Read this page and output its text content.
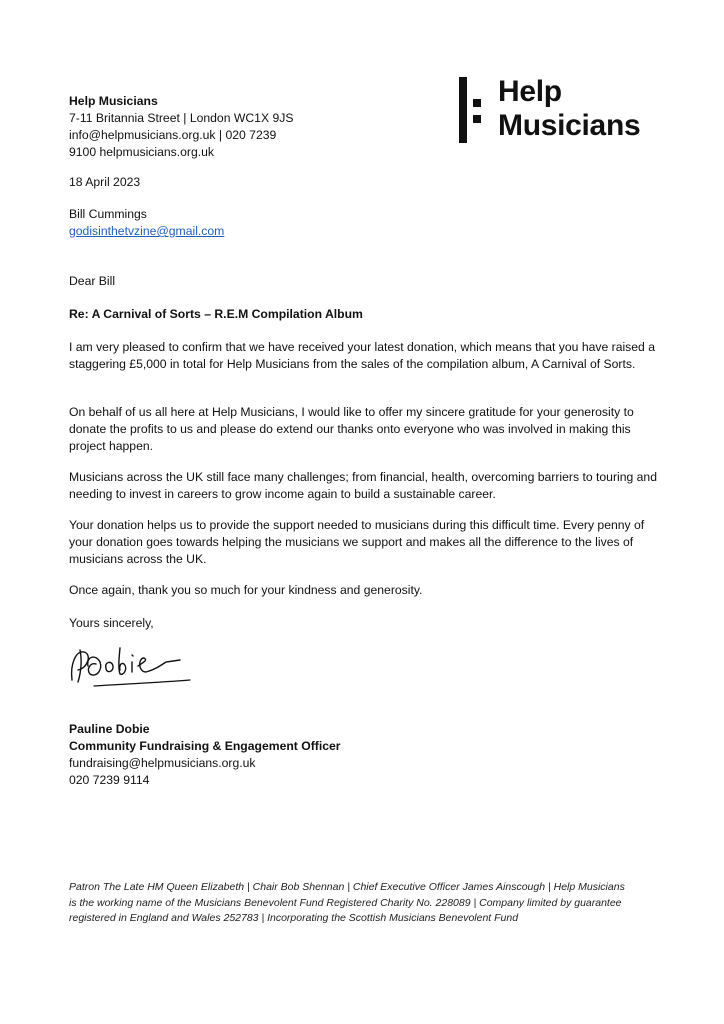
Help
Musicians
Help Musicians
7-11 Britannia Street | London WC1X 9JS
info@helpmusicians.org.uk | 020 7239
9100 helpmusicians.org.uk
18 April 2023
Bill Cummings
godisinthetvzine@gmail.com
Dear Bill
Re: A Carnival of Sorts – R.E.M Compilation Album

I am very pleased to confirm that we have received your latest donation, which means that you have raised a staggering £5,000 in total for Help Musicians from the sales of the compilation album, A Carnival of Sorts.

On behalf of us all here at Help Musicians, I would like to offer my sincere gratitude for your generosity to donate the profits to us and please do extend our thanks onto everyone who was involved in making this project happen.

Musicians across the UK still face many challenges; from financial, health, overcoming barriers to touring and needing to invest in careers to grow income again to build a sustainable career.

Your donation helps us to provide the support needed to musicians during this difficult time. Every penny of your donation goes towards helping the musicians we support and makes all the difference to the lives of musicians across the UK.

Once again, thank you so much for your kindness and generosity.

Yours sincerely,
Pauline Dobie
Community Fundraising & Engagement Officer
fundraising@helpmusicians.org.uk
020 7239 9114

Patron The Late HM Queen Elizabeth | Chair Bob Shennan | Chief Executive Officer James Ainscough | Help Musicians is the working name of the Musicians Benevolent Fund Registered Charity No. 228089 | Company limited by guarantee registered in England and Wales 252783 | Incorporating the Scottish Musicians Benevolent Fund
